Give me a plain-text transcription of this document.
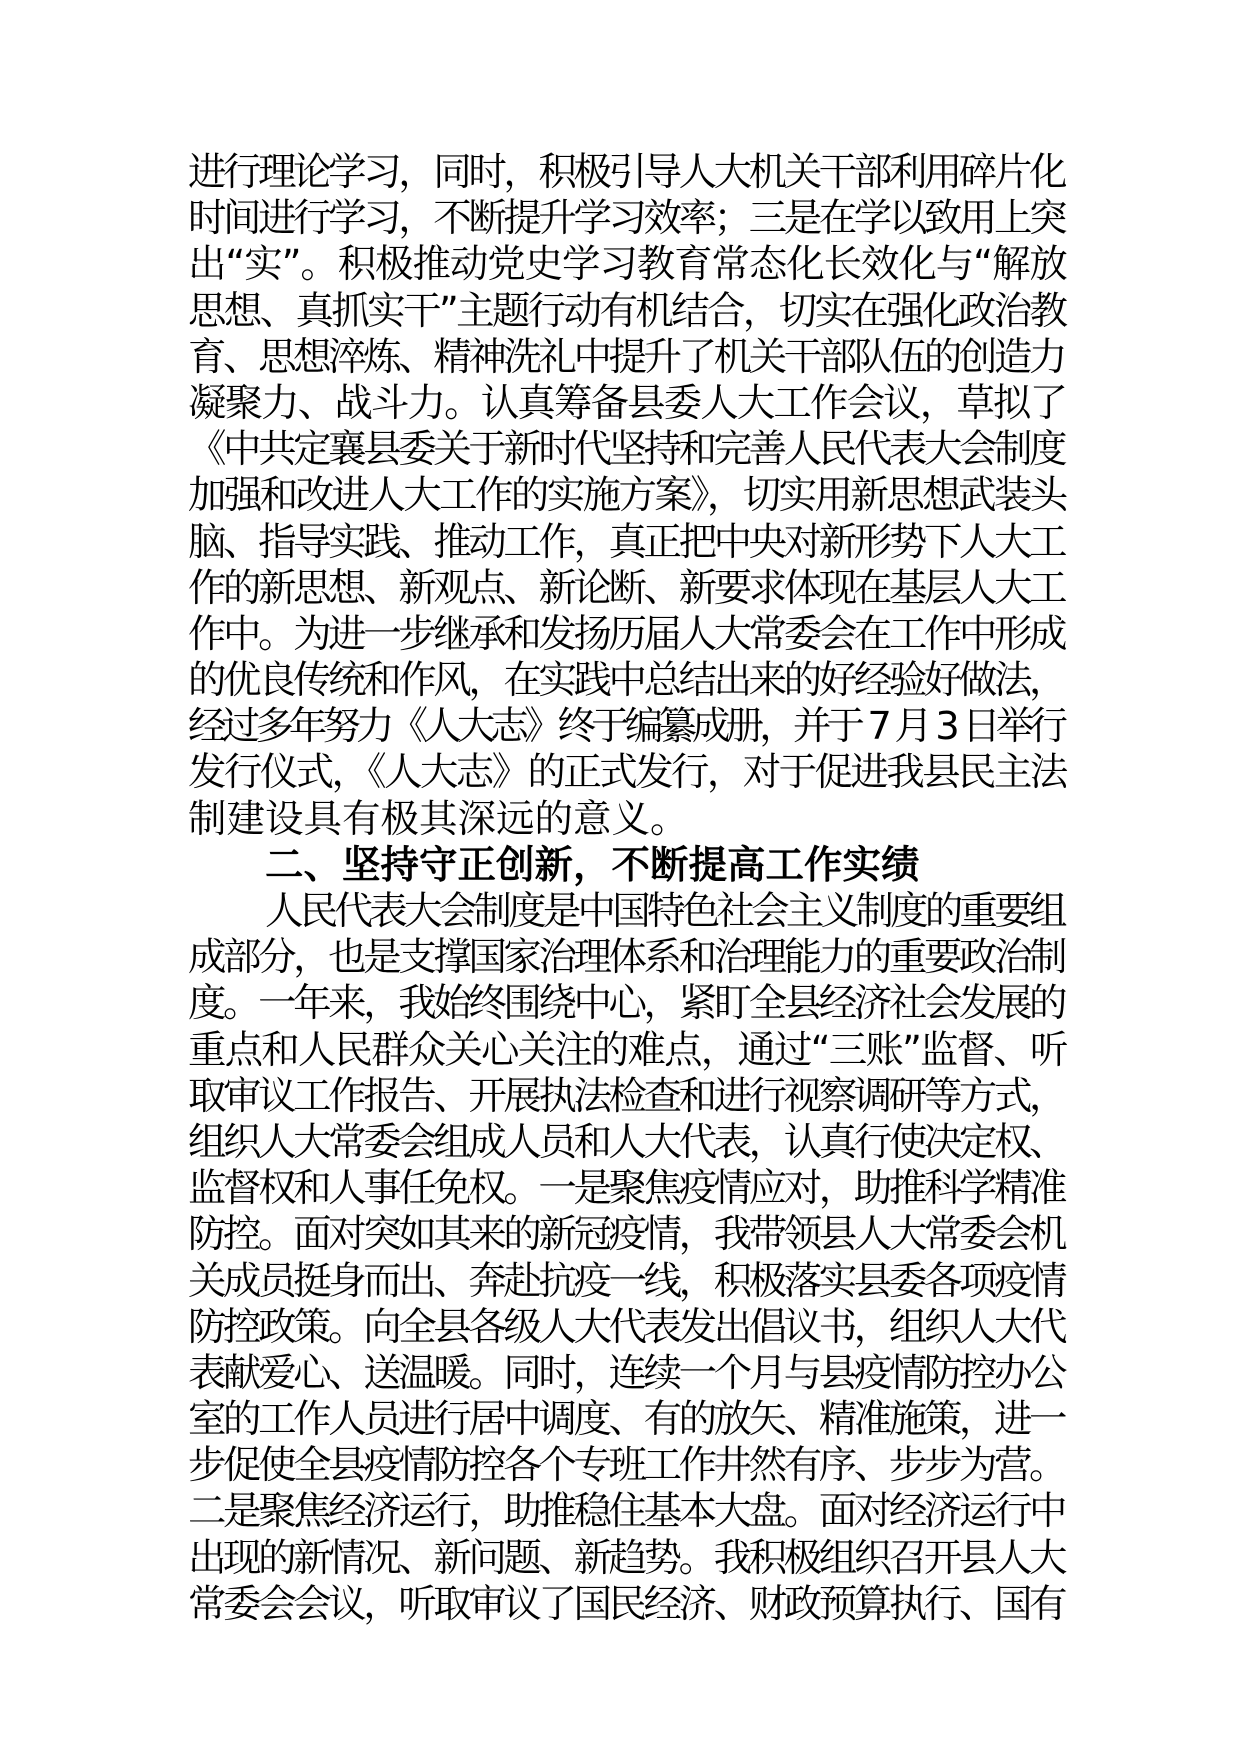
进行理论学习，同时，积极引导人大机关干部利用碎片化
时间进行学习，不断提升学习效率；三是在学以致用上突
出“实”。积极推动党史学习教育常态化长效化与“解放
思想、真抓实干”主题行动有机结合，切实在强化政治教
育、思想淬炼、精神洗礼中提升了机关干部队伍的创造力
凝聚力、战斗力。认真筹备县委人大工作会议，草拟了
《中共定襄县委关于新时代坚持和完善人民代表大会制度
加强和改进人大工作的实施方案》，切实用新思想武装头
脑、指导实践、推动工作，真正把中央对新形势下人大工
作的新思想、新观点、新论断、新要求体现在基层人大工
作中。为进一步继承和发扬历届人大常委会在工作中形成
的优良传统和作风，在实践中总结出来的好经验好做法，
经过多年努力《人大志》终于编纂成册，并于 7 月 3 日举行
发行仪式，《人大志》的正式发行，对于促进我县民主法
制建设具有极其深远的意义。
二、坚持守正创新，不断提高工作实绩
人民代表大会制度是中国特色社会主义制度的重要组
成部分，也是支撑国家治理体系和治理能力的重要政治制
度。一年来，我始终围绕中心，紧盯全县经济社会发展的
重点和人民群众关心关注的难点，通过“三账”监督、听
取审议工作报告、开展执法检查和进行视察调研等方式，
组织人大常委会组成人员和人大代表，认真行使决定权、
监督权和人事任免权。一是聚焦疫情应对，助推科学精准
防控。面对突如其来的新冠疫情，我带领县人大常委会机
关成员挺身而出、奔赴抗疫一线，积极落实县委各项疫情
防控政策。向全县各级人大代表发出倡议书，组织人大代
表献爱心、送温暖。同时，连续一个月与县疫情防控办公
室的工作人员进行居中调度、有的放矢、精准施策，进一
步促使全县疫情防控各个专班工作井然有序、步步为营。
二是聚焦经济运行，助推稳住基本大盘。面对经济运行中
出现的新情况、新问题、新趋势。我积极组织召开县人大
常委会会议，听取审议了国民经济、财政预算执行、国有
